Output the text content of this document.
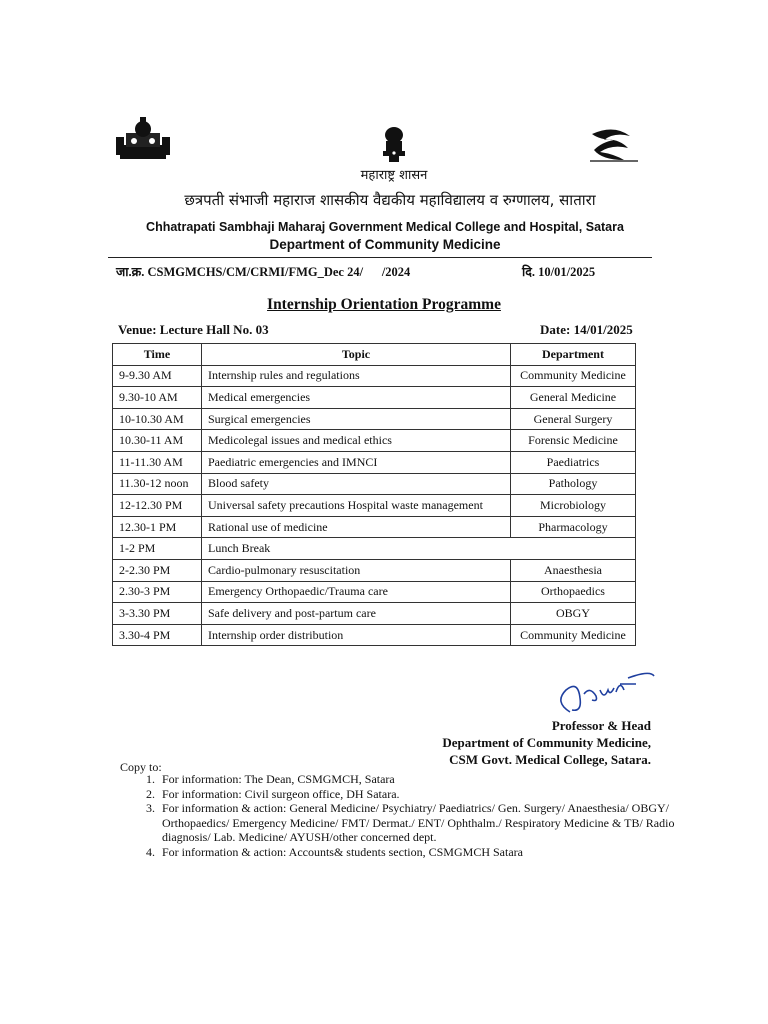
महाराष्ट्र शासन
छत्रपती संभाजी महाराज शासकीय वैद्यकीय महाविद्यालय व रुग्णालय, सातारा
Chhatrapati Sambhaji Maharaj Government Medical College and Hospital, Satara
Department of Community Medicine
जा.क्र. CSMGMCHS/CM/CRMI/FMG_Dec 24/      /2024	दि. 10/01/2025
Internship Orientation Programme
Venue: Lecture Hall No. 03	Date: 14/01/2025
Time	Topic	Department
9-9.30 AM	Internship rules and regulations	Community Medicine
9.30-10 AM	Medical emergencies	General Medicine
10-10.30 AM	Surgical emergencies	General Surgery
10.30-11 AM	Medicolegal issues and medical ethics	Forensic Medicine
11-11.30 AM	Paediatric emergencies and IMNCI	Paediatrics
11.30-12 noon	Blood safety	Pathology
12-12.30 PM	Universal safety precautions Hospital waste management	Microbiology
12.30-1 PM	Rational use of medicine	Pharmacology
1-2 PM	Lunch Break	
2-2.30 PM	Cardio-pulmonary resuscitation	Anaesthesia
2.30-3 PM	Emergency Orthopaedic/Trauma care	Orthopaedics
3-3.30 PM	Safe delivery and post-partum care	OBGY
3.30-4 PM	Internship order distribution	Community Medicine
Professor & Head
Department of Community Medicine,
CSM Govt. Medical College, Satara.
Copy to:
1. For information: The Dean, CSMGMCH, Satara
2. For information: Civil surgeon office, DH Satara.
3. For information & action: General Medicine/ Psychiatry/ Paediatrics/ Gen. Surgery/ Anaesthesia/ OBGY/ Orthopaedics/ Emergency Medicine/ FMT/ Dermat./ ENT/ Ophthalm./ Respiratory Medicine & TB/ Radio diagnosis/ Lab. Medicine/ AYUSH/other concerned dept.
4. For information & action: Accounts& students section, CSMGMCH Satara
